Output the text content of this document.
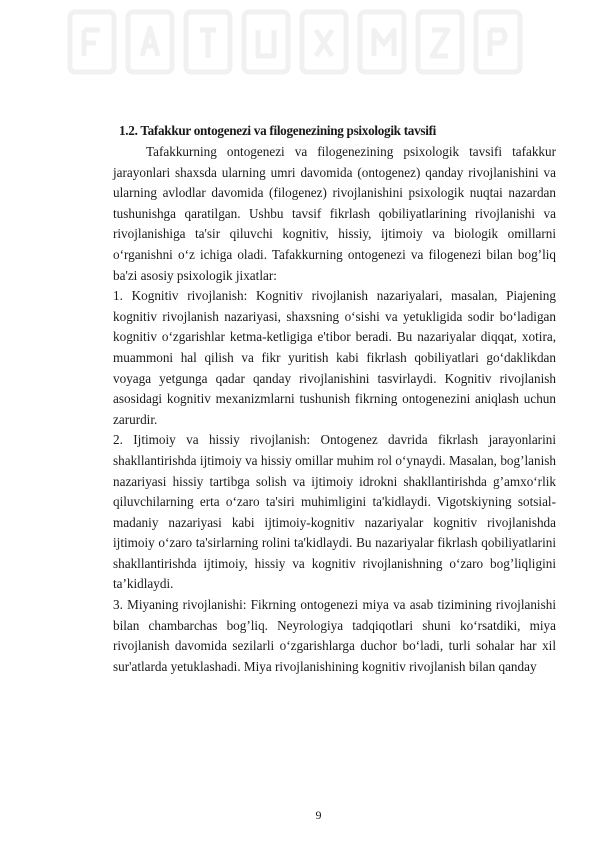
1.2. Tafakkur ontogenezi va filogenezining psixologik tavsifi

Tafakkurning ontogenezi va filogenezining psixologik tavsifi tafakkur jarayonlari shaxsda ularning umri davomida (ontogenez) qanday rivojlanishini va ularning avlodlar davomida (filogenez) rivojlanishini psixologik nuqtai nazardan tushunishga qaratilgan. Ushbu tavsif fikrlash qobiliyatlarining rivojlanishi va rivojlanishiga ta'sir qiluvchi kognitiv, hissiy, ijtimoiy va biologik omillarni o‘rganishni o‘z ichiga oladi. Tafakkurning ontogenezi va filogenezi bilan bog’liq ba'zi asosiy psixologik jixatlar:

1. Kognitiv rivojlanish: Kognitiv rivojlanish nazariyalari, masalan, Piajening kognitiv rivojlanish nazariyasi, shaxsning o‘sishi va yetukligida sodir bo‘ladigan kognitiv o‘zgarishlar ketma-ketligiga e'tibor beradi. Bu nazariyalar diqqat, xotira, muammoni hal qilish va fikr yuritish kabi fikrlash qobiliyatlari go‘daklikdan voyaga yetgunga qadar qanday rivojlanishini tasvirlaydi. Kognitiv rivojlanish asosidagi kognitiv mexanizmlarni tushunish fikrning ontogenezini aniqlash uchun zarurdir.

2. Ijtimoiy va hissiy rivojlanish: Ontogenez davrida fikrlash jarayonlarini shakllantirishda ijtimoiy va hissiy omillar muhim rol o‘ynaydi. Masalan, bog’lanish nazariyasi hissiy tartibga solish va ijtimoiy idrokni shakllantirishda g’amxo‘rlik qiluvchilarning erta o‘zaro ta'siri muhimligini ta'kidlaydi. Vigotskiyning sotsial-madaniy nazariyasi kabi ijtimoiy-kognitiv nazariyalar kognitiv rivojlanishda ijtimoiy o‘zaro ta'sirlarning rolini ta'kidlaydi. Bu nazariyalar fikrlash qobiliyatlarini shakllantirishda ijtimoiy, hissiy va kognitiv rivojlanishning o‘zaro bog’liqligini ta’kidlaydi.

3. Miyaning rivojlanishi: Fikrning ontogenezi miya va asab tizimining rivojlanishi bilan chambarchas bog’liq. Neyrologiya tadqiqotlari shuni ko‘rsatdiki, miya rivojlanish davomida sezilarli o‘zgarishlarga duchor bo‘ladi, turli sohalar har xil sur'atlarda yetuklashadi. Miya rivojlanishining kognitiv rivojlanish bilan qanday

9
